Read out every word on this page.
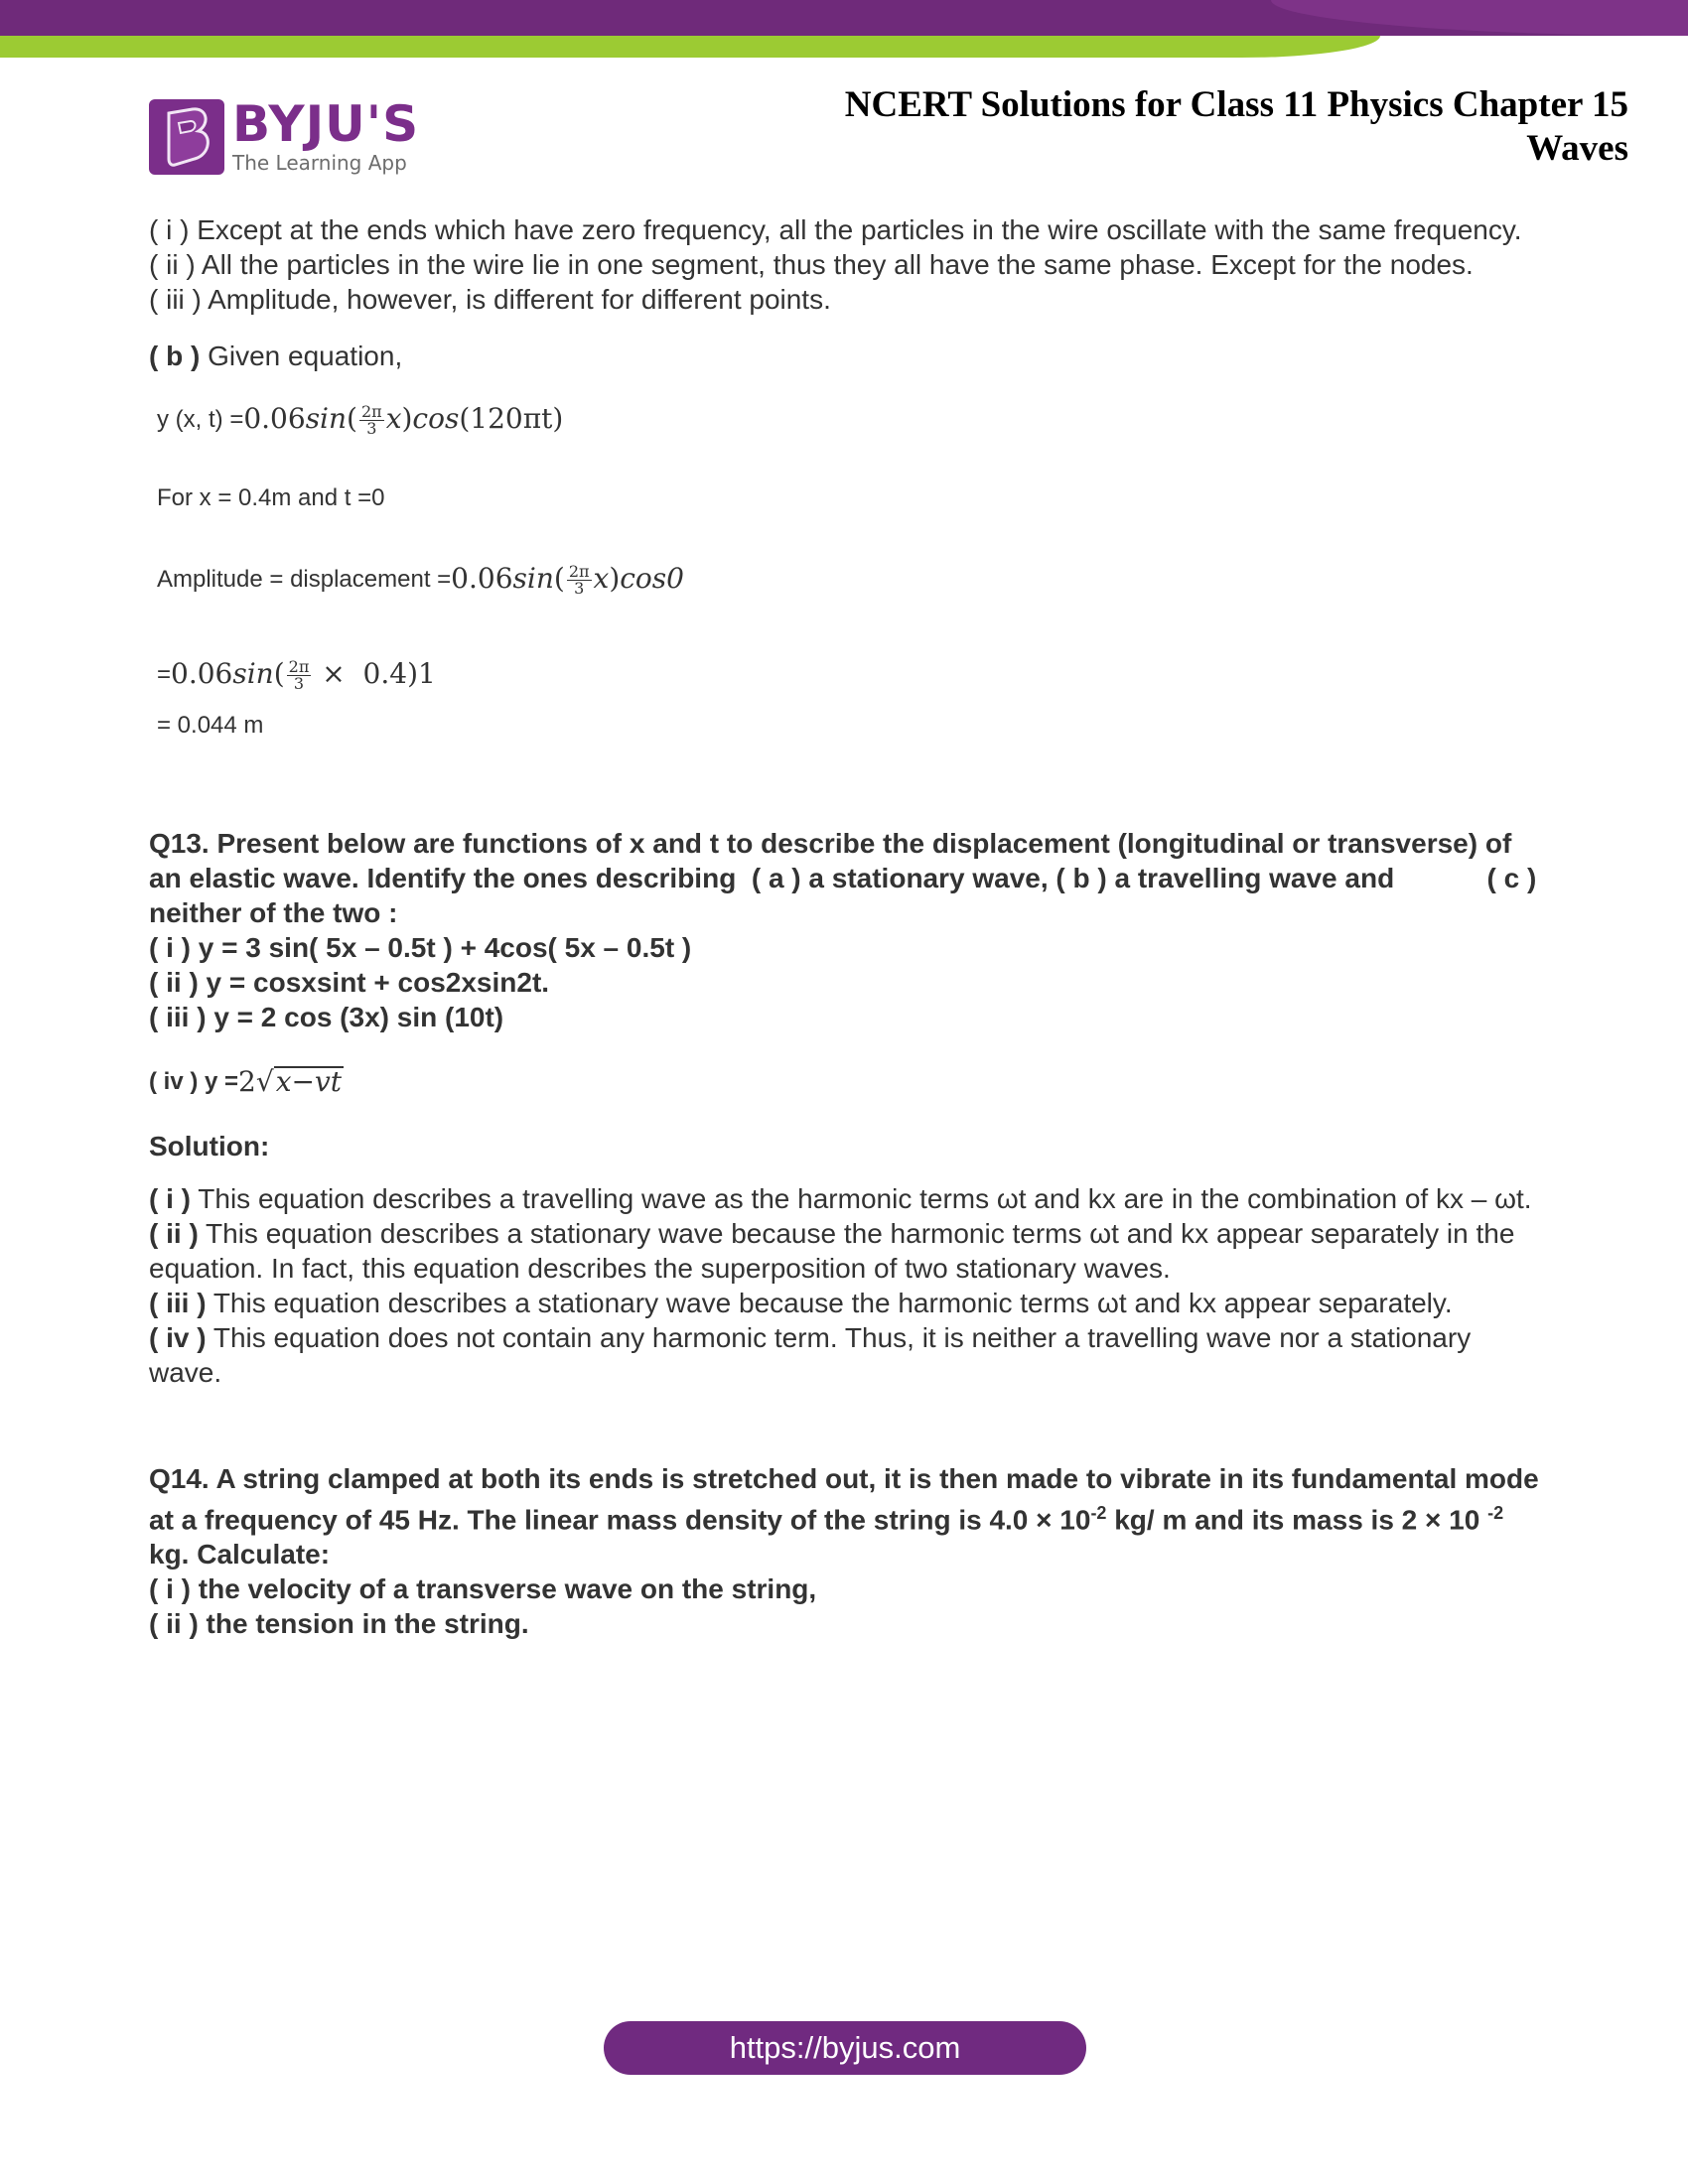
BYJU'S
The Learning App
NCERT Solutions for Class 11 Physics Chapter 15
Waves

( i ) Except at the ends which have zero frequency, all the particles in the wire oscillate with the same frequency.

( ii ) All the particles in the wire lie in one segment, thus they all have the same phase. Except for the nodes.

( iii ) Amplitude, however, is different for different points.

( b ) Given equation,

y (x, $t) = 0.06\sin( \frac{2\pi}{3} x)\cos(120\pi t)$
For x = 0.4m and t =0
Amplitude = displacement = $0.06\sin( \frac{2\pi}{3} x)\cos 0$
= $0.06\sin( \frac{2\pi}{3} \times 0.4)1$
= 0.044 m

Q13. Present below are functions of x and t to describe the displacement (longitudinal or transverse) of an elastic wave. Identify the ones describing  ( a ) a stationary wave, ( b ) a travelling wave and            ( c ) neither of the two :

( i ) y = 3 sin( 5x – 0.5t ) + 4cos( 5x – 0.5t )

( ii ) y = cosxsint + cos2xsin2t.

( iii ) y = 2 cos (3x) sin (10t)

( iv ) y = 2√x−vt

Solution:

( i ) This equation describes a travelling wave as the harmonic terms ωt and kx are in the combination of kx – ωt.

( ii ) This equation describes a stationary wave because the harmonic terms ωt and kx appear separately in the equation. In fact, this equation describes the superposition of two stationary waves.

( iii ) This equation describes a stationary wave because the harmonic terms ωt and kx appear separately.

( iv ) This equation does not contain any harmonic term. Thus, it is neither a travelling wave nor a stationary wave.

Q14. A string clamped at both its ends is stretched out, it is then made to vibrate in its fundamental mode at a frequency of 45 Hz. The linear mass density of the string is $4.0 \times 10^{-2}$ kg/ m and its mass is 2 × 10 $^{-2}$ kg. Calculate:

( i ) the velocity of a transverse wave on the string,

( ii ) the tension in the string.

https://byjus.com
